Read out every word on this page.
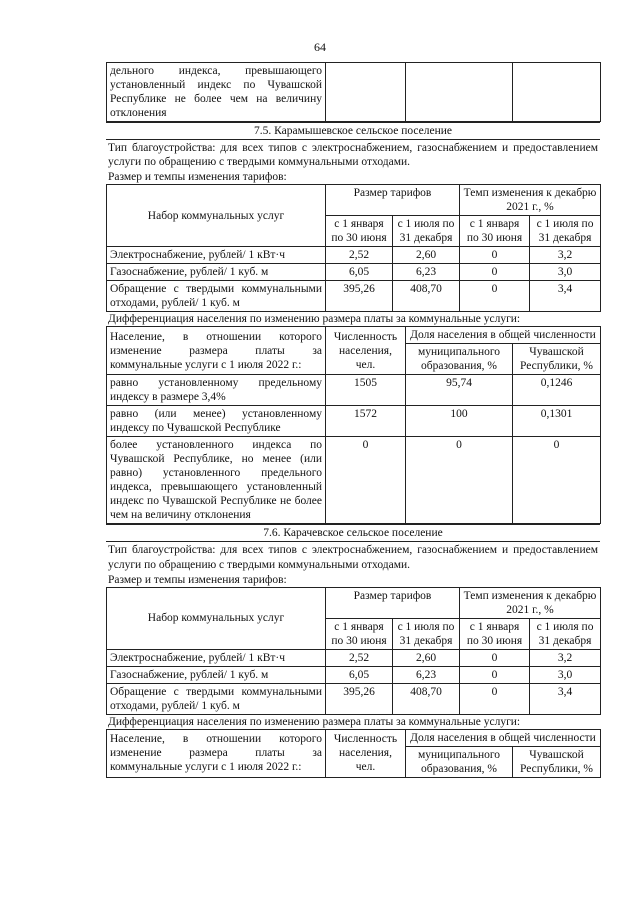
64
дельного индекса, превышающего установленный индекс по Чувашской Республике не более чем на величину отклонения			
7.5. Карамышевское сельское поселение
Тип благоустройства: для всех типов с электроснабжением, газоснабжением и предоставлением услуги по обращению с твердыми коммунальными отходами.
Размер и темпы изменения тарифов:
Набор коммунальных услуг	Размер тарифов		Темп изменения к декабрю 2021 г., %	
	с 1 января по 30 июня	с 1 июля по 31 декабря	с 1 января по 30 июня	с 1 июля по 31 декабря
Электроснабжение, рублей/ 1 кВт·ч	2,52	2,60	0	3,2
Газоснабжение, рублей/ 1 куб. м	6,05	6,23	0	3,0
Обращение с твердыми коммунальными отходами, рублей/ 1 куб. м	395,26	408,70	0	3,4
Дифференциация населения по изменению размера платы за коммунальные услуги:
Население, в отношении которого изменение размера платы за коммунальные услуги с 1 июля 2022 г.:	Численность населения, чел.	Доля населения в общей численности	
		муниципального образования, %	Чувашской Республики, %
равно установленному предельному индексу в размере 3,4%	1505	95,74	0,1246
равно (или менее) установленному индексу по Чувашской Республике	1572	100	0,1301
более установленного индекса по Чувашской Республике, но менее (или равно) установленного предельного индекса, превышающего установленный индекс по Чувашской Республике не более чем на величину отклонения	0	0	0
7.6. Карачевское сельское поселение
Тип благоустройства: для всех типов с электроснабжением, газоснабжением и предоставлением услуги по обращению с твердыми коммунальными отходами.
Размер и темпы изменения тарифов:
Набор коммунальных услуг	Размер тарифов		Темп изменения к декабрю 2021 г., %	
	с 1 января по 30 июня	с 1 июля по 31 декабря	с 1 января по 30 июня	с 1 июля по 31 декабря
Электроснабжение, рублей/ 1 кВт·ч	2,52	2,60	0	3,2
Газоснабжение, рублей/ 1 куб. м	6,05	6,23	0	3,0
Обращение с твердыми коммунальными отходами, рублей/ 1 куб. м	395,26	408,70	0	3,4
Дифференциация населения по изменению размера платы за коммунальные услуги:
Население, в отношении которого изменение размера платы за коммунальные услуги с 1 июля 2022 г.:	Численность населения, чел.	Доля населения в общей численности	
		муниципального образования, %	Чувашской Республики, %
